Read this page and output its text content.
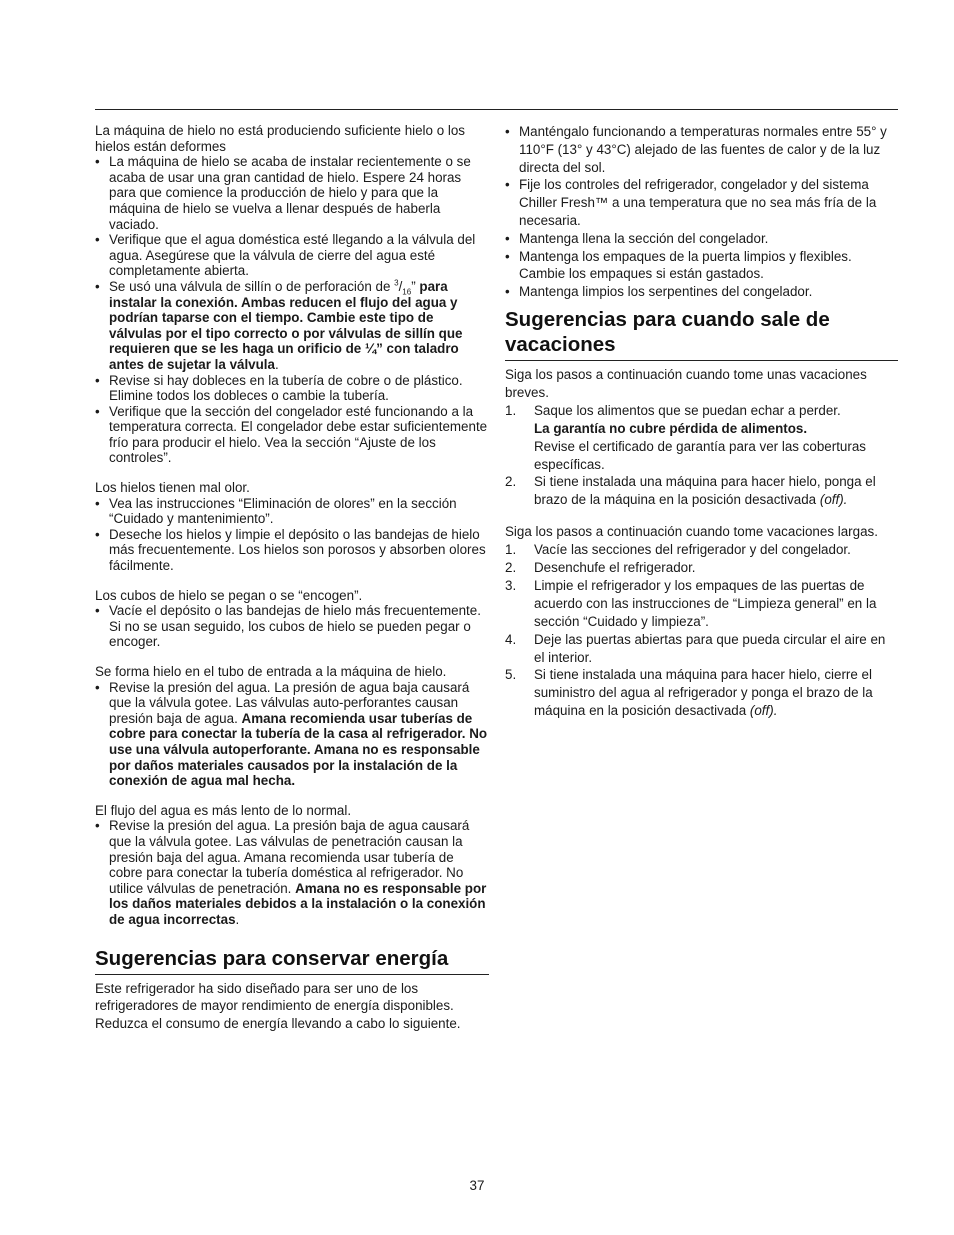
La máquina de hielo no está produciendo suficiente hielo o los hielos están deformes

• La máquina de hielo se acaba de instalar recientemente o se acaba de usar una gran cantidad de hielo. Espere 24 horas para que comience la producción de hielo y para que la máquina de hielo se vuelva a llenar después de haberla vaciado.
• Verifique que el agua doméstica esté llegando a la válvula del agua. Asegúrese que la válvula de cierre del agua esté completamente abierta.
• Se usó una válvula de sillín o de perforación de $^3/_{16}$” para instalar la conexión. Ambas reducen el flujo del agua y podrían taparse con el tiempo. Cambie este tipo de válvulas por el tipo correcto o por válvulas de sillín que requieren que se les haga un orificio de ¼” con taladro antes de sujetar la válvula.
• Revise si hay dobleces en la tubería de cobre o de plástico. Elimine todos los dobleces o cambie la tubería.
• Verifique que la sección del congelador esté funcionando a la temperatura correcta. El congelador debe estar suficientemente frío para producir el hielo. Vea la sección “Ajuste de los controles”.

Los hielos tienen mal olor.

• Vea las instrucciones “Eliminación de olores” en la sección “Cuidado y mantenimiento”.
• Deseche los hielos y limpie el depósito o las bandejas de hielo más frecuentemente. Los hielos son porosos y absorben olores fácilmente.

Los cubos de hielo se pegan o se “encogen”.

• Vacíe el depósito o las bandejas de hielo más frecuentemente. Si no se usan seguido, los cubos de hielo se pueden pegar o encoger.

Se forma hielo en el tubo de entrada a la máquina de hielo.

• Revise la presión del agua. La presión de agua baja causará que la válvula gotee. Las válvulas auto-perforantes causan presión baja de agua. Amana recomienda usar tuberías de cobre para conectar la tubería de la casa al refrigerador. No use una válvula autoperforante. Amana no es responsable por daños materiales causados por la instalación de la conexión de agua mal hecha.

El flujo del agua es más lento de lo normal.

• Revise la presión del agua. La presión baja de agua causará que la válvula gotee. Las válvulas de penetración causan la presión baja del agua. Amana recomienda usar tubería de cobre para conectar la tubería doméstica al refrigerador. No utilice válvulas de penetración. Amana no es responsable por los daños materiales debidos a la instalación o la conexión de agua incorrectas.
Sugerencias para conservar energía

Este refrigerador ha sido diseñado para ser uno de los refrigeradores de mayor rendimiento de energía disponibles. Reduzca el consumo de energía llevando a cabo lo siguiente.

• Manténgalo funcionando a temperaturas normales entre 55° y 110°F (13° y 43°C) alejado de las fuentes de calor y de la luz directa del sol.
• Fije los controles del refrigerador, congelador y del sistema Chiller Fresh™ a una temperatura que no sea más fría de la necesaria.
• Mantenga llena la sección del congelador.
• Mantenga los empaques de la puerta limpios y flexibles. Cambie los empaques si están gastados.
• Mantenga limpios los serpentines del congelador.
Sugerencias para cuando sale de vacaciones

Siga los pasos a continuación cuando tome unas vacaciones breves.

1. Saque los alimentos que se puedan echar a perder.
La garantía no cubre pérdida de alimentos.
Revise el certificado de garantía para ver las coberturas específicas.
2. Si tiene instalada una máquina para hacer hielo, ponga el brazo de la máquina en la posición desactivada (off).

Siga los pasos a continuación cuando tome vacaciones largas.

1. Vacíe las secciones del refrigerador y del congelador.
2. Desenchufe el refrigerador.
3. Limpie el refrigerador y los empaques de las puertas de acuerdo con las instrucciones de “Limpieza general” en la sección “Cuidado y limpieza”.
4. Deje las puertas abiertas para que pueda circular el aire en el interior.
5. Si tiene instalada una máquina para hacer hielo, cierre el suministro del agua al refrigerador y ponga el brazo de la máquina en la posición desactivada (off).
37
